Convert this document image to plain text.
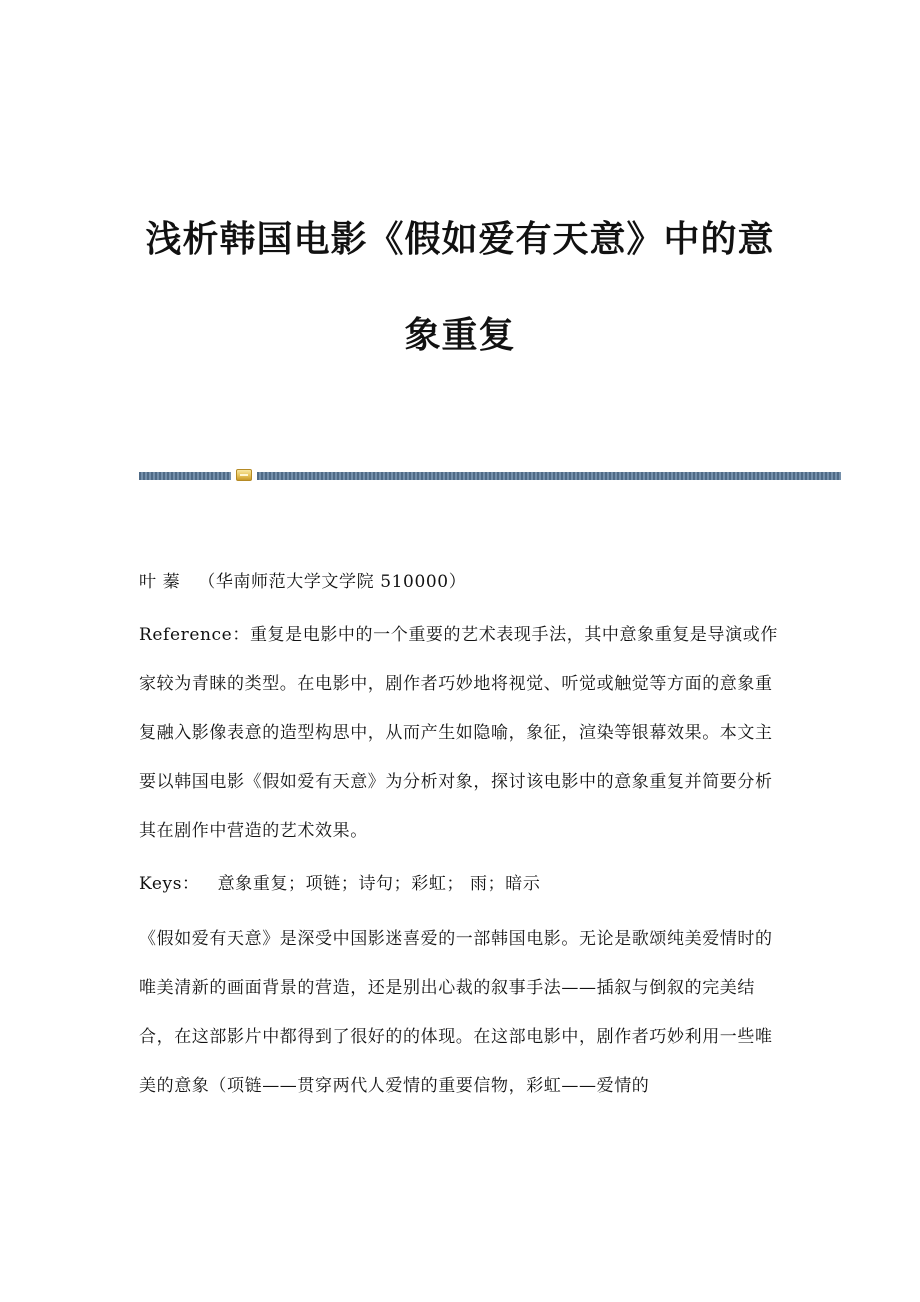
浅析韩国电影《假如爱有天意》中的意
象重复

叶 蓁 （华南师范大学文学院 510000）

Reference：重复是电影中的一个重要的艺术表现手法，其中意象重复是导演或作家较为青睐的类型。在电影中，剧作者巧妙地将视觉、听觉或触觉等方面的意象重复融入影像表意的造型构思中，从而产生如隐喻，象征，渲染等银幕效果。本文主要以韩国电影《假如爱有天意》为分析对象，探讨该电影中的意象重复并简要分析其在剧作中营造的艺术效果。

Keys： 意象重复；项链；诗句；彩虹； 雨；暗示

《假如爱有天意》是深受中国影迷喜爱的一部韩国电影。无论是歌颂纯美爱情时的唯美清新的画面背景的营造，还是别出心裁的叙事手法——插叙与倒叙的完美结合，在这部影片中都得到了很好的的体现。在这部电影中，剧作者巧妙利用一些唯美的意象（项链——贯穿两代人爱情的重要信物，彩虹——爱情的
